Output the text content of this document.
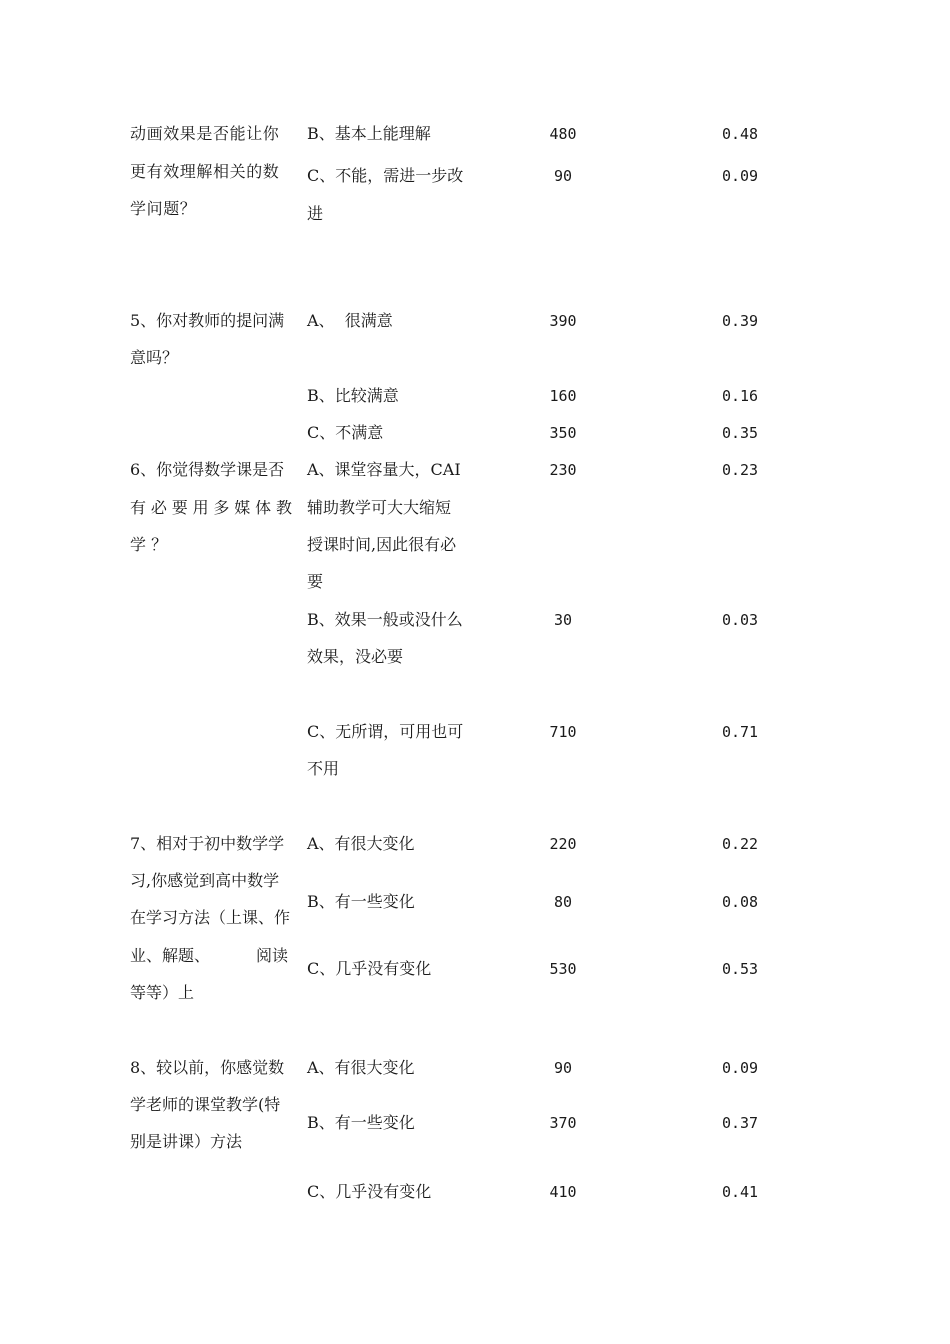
动画效果是否能让你
更有效理解相关的数
学问题？
B、基本上能理解	480	0.48
C、不能，需进一步改
进
90	0.09
5、你对教师的提问满
意吗？
A、  很满意	390	0.39
B、比较满意	160	0.16
C、不满意	350	0.35
6、你觉得数学课是否
有必要用多媒体教
学 ？
A、课堂容量大，CAI
辅助教学可大大缩短
授课时间,因此很有必
要
230	0.23
B、效果一般或没什么
效果，没必要
30	0.03
C、无所谓，可用也可
不用
710	0.71
7、相对于初中数学学
习,你感觉到高中数学
在学习方法（上课、作
业、解题、	阅读
等等）上
A、有很大变化	220	0.22
B、有一些变化	80	0.08
C、几乎没有变化	530	0.53
8、较以前，你感觉数
学老师的课堂教学(特
别是讲课）方法
A、有很大变化	90	0.09
B、有一些变化	370	0.37
C、几乎没有变化	410	0.41
